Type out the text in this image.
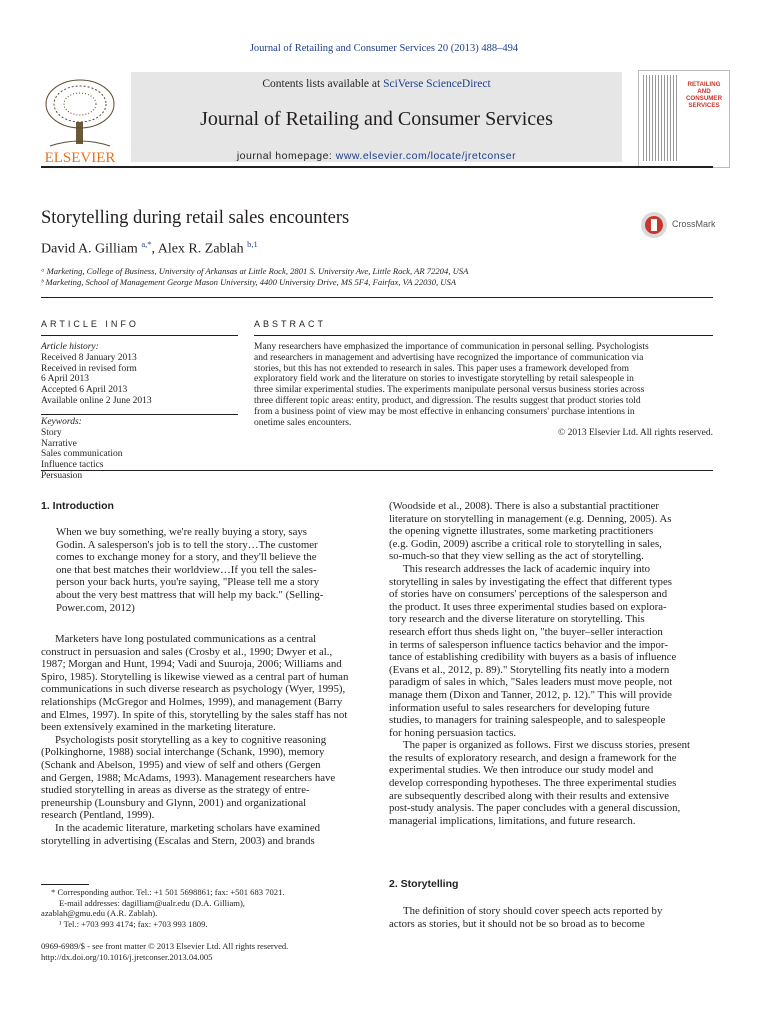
Journal of Retailing and Consumer Services 20 (2013) 488–494
ELSEVIER
Contents lists available at SciVerse ScienceDirect
Journal of Retailing and Consumer Services
journal homepage: www.elsevier.com/locate/jretconser
RETAILING
AND
CONSUMER
SERVICES
Storytelling during retail sales encounters	CrossMark
David A. Gilliam $^{a,*}$, Alex R. Zablah $^{b,1}$
ᵃ Marketing, College of Business, University of Arkansas at Little Rock, 2801 S. University Ave, Little Rock, AR 72204, USA
ᵇ Marketing, School of Management George Mason University, 4400 University Drive, MS 5F4, Fairfax, VA 22030, USA
ARTICLE INFO
Article history:
Received 8 January 2013
Received in revised form
6 April 2013
Accepted 6 April 2013
Available online 2 June 2013
Keywords:
Story
Narrative
Sales communication
Influence tactics
Persuasion
ABSTRACT
Many researchers have emphasized the importance of communication in personal selling. Psychologists
and researchers in management and advertising have recognized the importance of communication via
stories, but this has not extended to research in sales. This paper uses a framework developed from
exploratory field work and the literature on stories to investigate storytelling by retail salespeople in
three similar experimental studies. The experiments manipulate personal versus business stories across
three different topic areas: entity, product, and digression. The results suggest that product stories told
from a business point of view may be most effective in enhancing consumers' purchase intentions in
onetime sales encounters.
© 2013 Elsevier Ltd. All rights reserved.
1. Introduction
When we buy something, we're really buying a story, says
Godin. A salesperson's job is to tell the story…The customer
comes to exchange money for a story, and they'll believe the
one that best matches their worldview…If you tell the sales-
person your back hurts, you're saying, "Please tell me a story
about the very best mattress that will help my back." (Selling-
Power.com, 2012)
Marketers have long postulated communications as a central
construct in persuasion and sales (Crosby et al., 1990; Dwyer et al.,
1987; Morgan and Hunt, 1994; Vadi and Suuroja, 2006; Williams and
Spiro, 1985). Storytelling is likewise viewed as a central part of human
communications in such diverse research as psychology (Wyer, 1995),
relationships (McGregor and Holmes, 1999), and management (Barry
and Elmes, 1997). In spite of this, storytelling by the sales staff has not
been extensively examined in the marketing literature.
Psychologists posit storytelling as a key to cognitive reasoning
(Polkinghorne, 1988) social interchange (Schank, 1990), memory
(Schank and Abelson, 1995) and view of self and others (Gergen
and Gergen, 1988; McAdams, 1993). Management researchers have
studied storytelling in areas as diverse as the strategy of entre-
preneurship (Lounsbury and Glynn, 2001) and organizational
research (Pentland, 1999).
In the academic literature, marketing scholars have examined
storytelling in advertising (Escalas and Stern, 2003) and brands
* Corresponding author. Tel.: +1 501 5698861; fax: +501 683 7021.
E-mail addresses: dagilliam@ualr.edu (D.A. Gilliam),
azablah@gmu.edu (A.R. Zablah).
¹ Tel.: +703 993 4174; fax: +703 993 1809.
0969-6989/$ - see front matter © 2013 Elsevier Ltd. All rights reserved.
http://dx.doi.org/10.1016/j.jretconser.2013.04.005
(Woodside et al., 2008). There is also a substantial practitioner
literature on storytelling in management (e.g. Denning, 2005). As
the opening vignette illustrates, some marketing practitioners
(e.g. Godin, 2009) ascribe a critical role to storytelling in sales,
so-much-so that they view selling as the act of storytelling.
This research addresses the lack of academic inquiry into
storytelling in sales by investigating the effect that different types
of stories have on consumers' perceptions of the salesperson and
the product. It uses three experimental studies based on explora-
tory research and the diverse literature on storytelling. This
research effort thus sheds light on, "the buyer–seller interaction
in terms of salesperson influence tactics behavior and the impor-
tance of establishing credibility with buyers as a basis of influence
(Evans et al., 2012, p. 89)." Storytelling fits neatly into a modern
paradigm of sales in which, "Sales leaders must move people, not
manage them (Dixon and Tanner, 2012, p. 12)." This will provide
information useful to sales researchers for developing future
studies, to managers for training salespeople, and to salespeople
for honing persuasion tactics.
The paper is organized as follows. First we discuss stories, present
the results of exploratory research, and design a framework for the
experimental studies. We then introduce our study model and
develop corresponding hypotheses. The three experimental studies
are subsequently described along with their results and extensive
post-study analysis. The paper concludes with a general discussion,
managerial implications, limitations, and future research.
2. Storytelling
The definition of story should cover speech acts reported by
actors as stories, but it should not be so broad as to become
